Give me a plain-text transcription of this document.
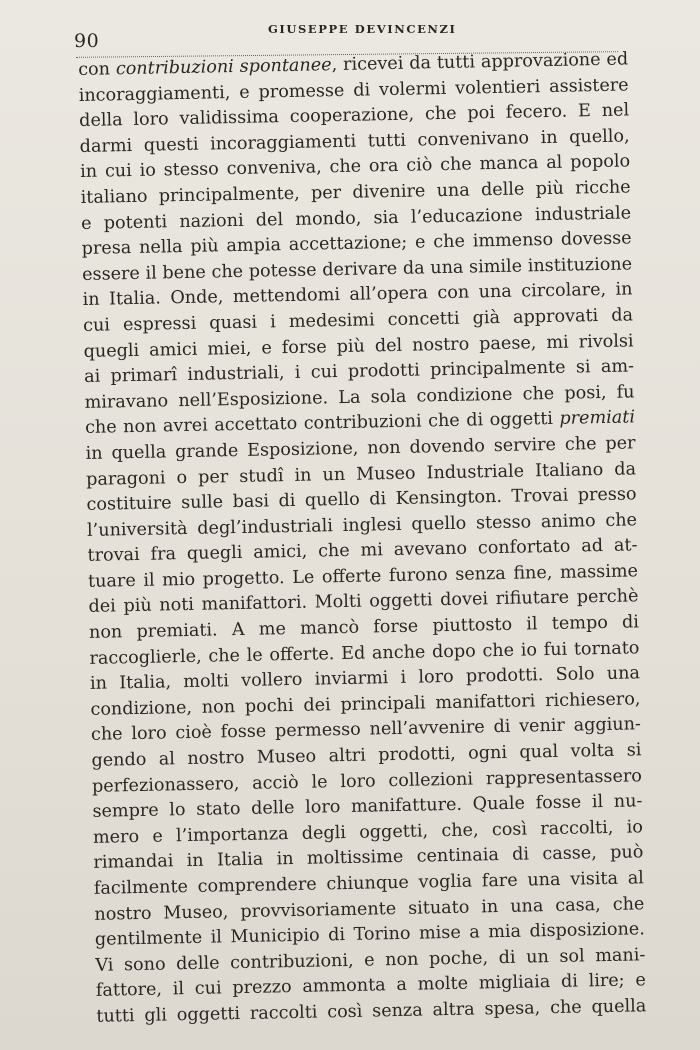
90
GIUSEPPE DEVINCENZI
con contribuzioni spontanee, ricevei da tutti approvazione ed
incoraggiamenti, e promesse di volermi volentieri assistere
della loro validissima cooperazione, che poi fecero. E nel
darmi questi incoraggiamenti tutti convenivano in quello,
in cui io stesso conveniva, che ora ciò che manca al popolo
italiano principalmente, per divenire una delle più ricche
e potenti nazioni del mondo, sia l’educazione industriale
presa nella più ampia accettazione; e che immenso dovesse
essere il bene che potesse derivare da una simile instituzione
in Italia. Onde, mettendomi all’opera con una circolare, in
cui espressi quasi i medesimi concetti già approvati da
quegli amici miei, e forse più del nostro paese, mi rivolsi
ai primarî industriali, i cui prodotti principalmente si am-
miravano nell’Esposizione. La sola condizione che posi, fu
che non avrei accettato contribuzioni che di oggetti premiati
in quella grande Esposizione, non dovendo servire che per
paragoni o per studî in un Museo Industriale Italiano da
costituire sulle basi di quello di Kensington. Trovai presso
l’università degl’industriali inglesi quello stesso animo che
trovai fra quegli amici, che mi avevano confortato ad at-
tuare il mio progetto. Le offerte furono senza fine, massime
dei più noti manifattori. Molti oggetti dovei rifiutare perchè
non premiati. A me mancò forse piuttosto il tempo di
raccoglierle, che le offerte. Ed anche dopo che io fui tornato
in Italia, molti vollero inviarmi i loro prodotti. Solo una
condizione, non pochi dei principali manifattori richiesero,
che loro cioè fosse permesso nell’avvenire di venir aggiun-
gendo al nostro Museo altri prodotti, ogni qual volta si
perfezionassero, acciò le loro collezioni rappresentassero
sempre lo stato delle loro manifatture. Quale fosse il nu-
mero e l’importanza degli oggetti, che, così raccolti, io
rimandai in Italia in moltissime centinaia di casse, può
facilmente comprendere chiunque voglia fare una visita al
nostro Museo, provvisoriamente situato in una casa, che
gentilmente il Municipio di Torino mise a mia disposizione.
Vi sono delle contribuzioni, e non poche, di un sol mani-
fattore, il cui prezzo ammonta a molte migliaia di lire; e
tutti gli oggetti raccolti così senza altra spesa, che quella
